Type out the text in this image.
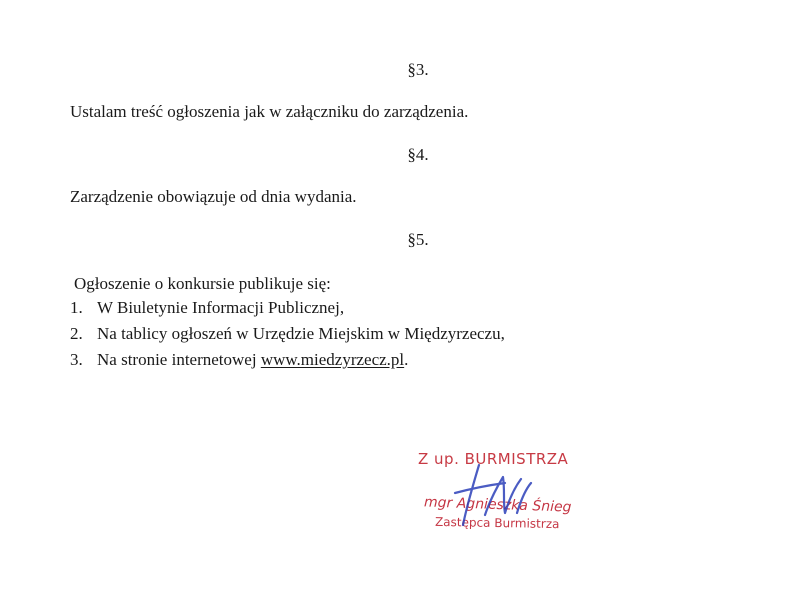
§3.
Ustalam treść ogłoszenia jak w załączniku do zarządzenia.
§4.
Zarządzenie obowiązuje od dnia wydania.
§5.
Ogłoszenie o konkursie publikuje się:
1. W Biuletynie Informacji Publicznej,
2. Na tablicy ogłoszeń w Urzędzie Miejskim w Międzyrzeczu,
3. Na stronie internetowej www.miedzyrzecz.pl.
Z up. BURMISTRZA
mgr Agnieszka Śnieg
Zastępca Burmistrza
